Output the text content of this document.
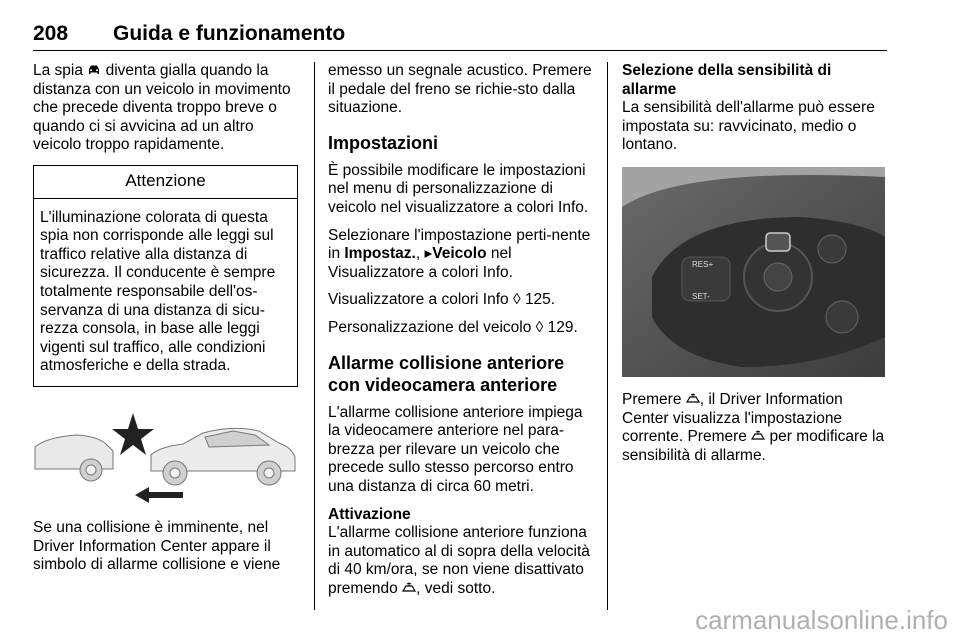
208 Guida e funzionamento

La spia  diventa gialla quando la distanza con un veicolo in movimento che precede diventa troppo breve o quando ci si avvicina ad un altro veicolo troppo rapidamente.

Attenzione
L'illuminazione colorata di questa spia non corrisponde alle leggi sul traffico relative alla distanza di sicurezza. Il conducente è sempre totalmente responsabile dell'os-servanza di una distanza di sicu-rezza consola, in base alle leggi vigenti sul traffico, alle condizioni atmosferiche e della strada.

Se una collisione è imminente, nel Driver Information Center appare il simbolo di allarme collisione e viene

emesso un segnale acustico. Premere il pedale del freno se richie-sto dalla situazione.

Impostazioni

È possibile modificare le impostazioni nel menu di personalizzazione di veicolo nel visualizzatore a colori Info.

Selezionare l'impostazione perti-nente in Impostaz., ▸Veicolo nel Visualizzatore a colori Info.

Visualizzatore a colori Info ◊ 125.

Personalizzazione del veicolo ◊ 129.

Allarme collisione anteriore con videocamera anteriore

L'allarme collisione anteriore impiega la videocamere anteriore nel para-brezza per rilevare un veicolo che precede sullo stesso percorso entro una distanza di circa 60 metri.

Attivazione

L'allarme collisione anteriore funziona in automatico al di sopra della velocità di 40 km/ora, se non viene disattivato premendo , vedi sotto.

Selezione della sensibilità di allarme

La sensibilità dell'allarme può essere impostata su: ravvicinato, medio o lontano.

RES+
SET-

Premere , il Driver Information Center visualizza l'impostazione corrente. Premere  per modificare la sensibilità di allarme.

carmanualsonline.info
